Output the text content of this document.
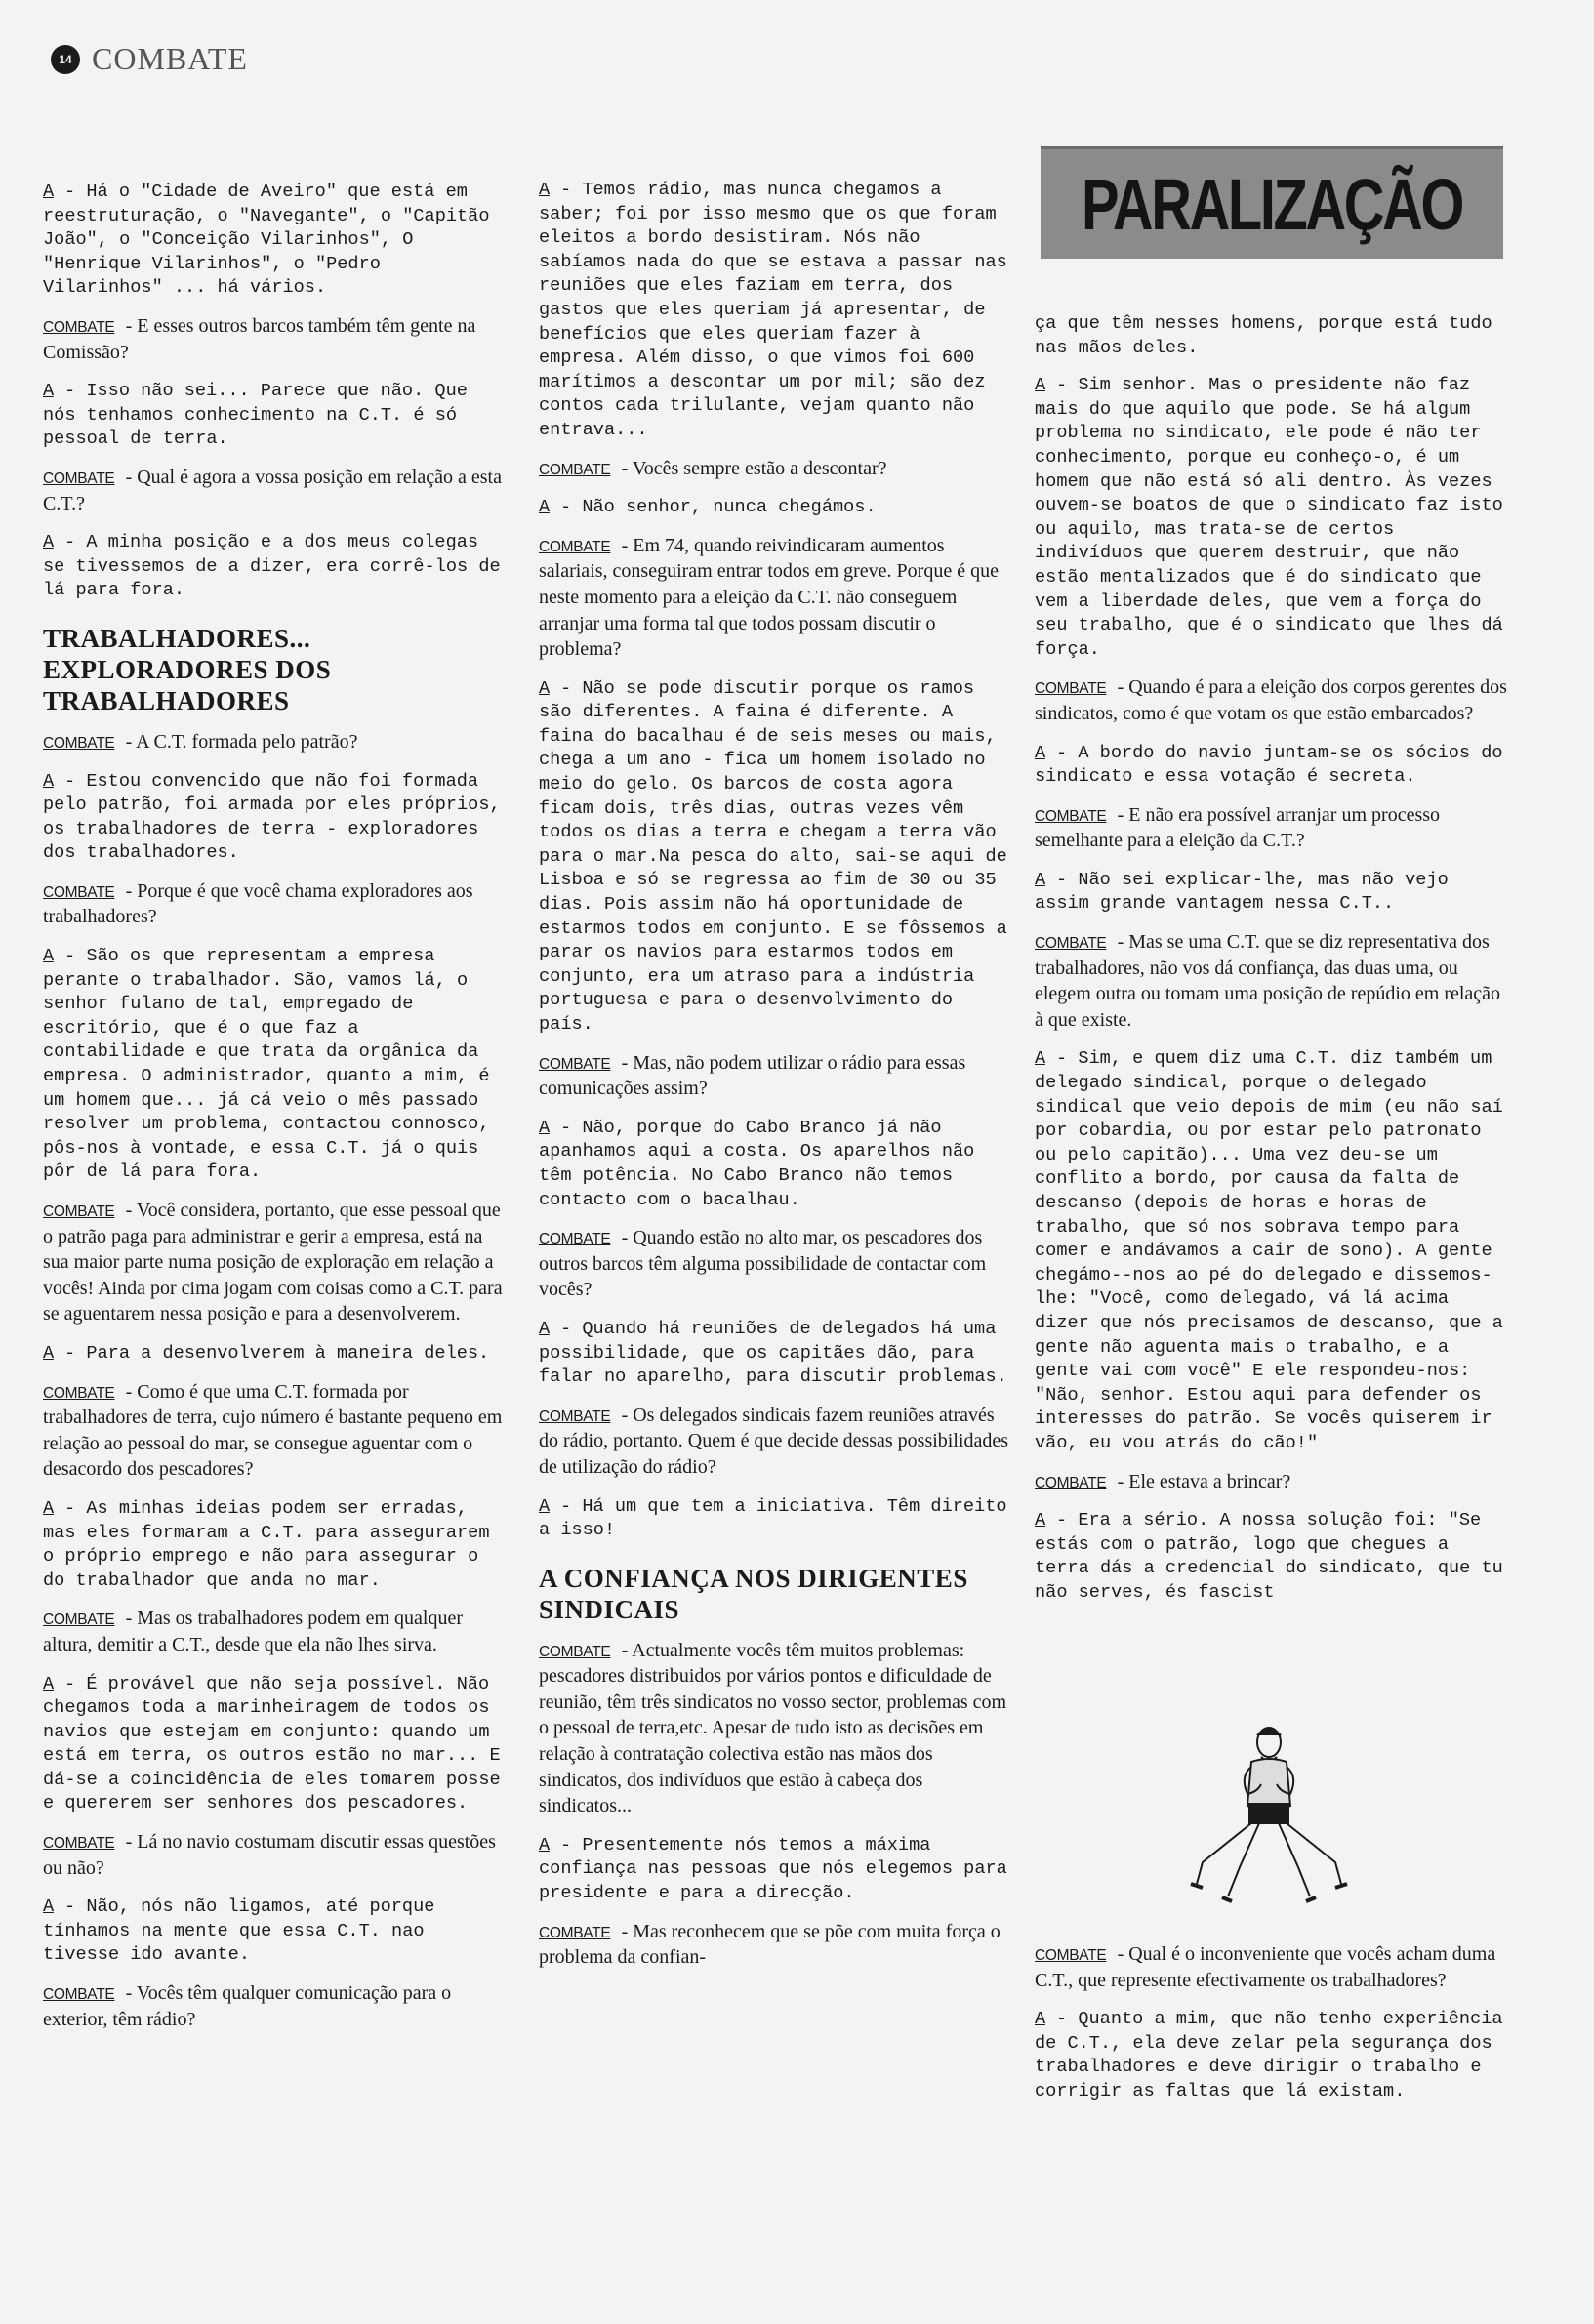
14 COMBATE
PARALIZAÇÃO

A - Há o "Cidade de Aveiro" que está em reestruturação, o "Navegante", o "Capitão João", o "Conceição Vilarinhos", O "Henrique Vilarinhos", o "Pedro Vilarinhos" ... há vários.

COMBATE - E esses outros barcos também têm gente na Comissão?

A - Isso não sei... Parece que não. Que nós tenhamos conhecimento na C.T. é só pessoal de terra.

COMBATE - Qual é agora a vossa posição em relação a esta C.T.?

A - A minha posição e a dos meus colegas se tivessemos de a dizer, era corrê-los de lá para fora.

TRABALHADORES... EXPLORADORES DOS TRABALHADORES

COMBATE - A C.T. formada pelo patrão?

A - Estou convencido que não foi formada pelo patrão, foi armada por eles próprios, os trabalhadores de terra - exploradores dos trabalhadores.

COMBATE - Porque é que você chama exploradores aos trabalhadores?

A - São os que representam a empresa perante o trabalhador. São, vamos lá, o senhor fulano de tal, empregado de escritório, que é o que faz a contabilidade e que trata da orgânica da empresa. O administrador, quanto a mim, é um homem que... já cá veio o mês passado resolver um problema, contactou connosco, pôs-nos à vontade, e essa C.T. já o quis pôr de lá para fora.

COMBATE - Você considera, portanto, que esse pessoal que o patrão paga para administrar e gerir a empresa, está na sua maior parte numa posição de exploração em relação a vocês! Ainda por cima jogam com coisas como a C.T. para se aguentarem nessa posição e para a desenvolverem.

A - Para a desenvolverem à maneira deles.

COMBATE - Como é que uma C.T. formada por trabalhadores de terra, cujo número é bastante pequeno em relação ao pessoal do mar, se consegue aguentar com o desacordo dos pescadores?

A - As minhas ideias podem ser erradas, mas eles formaram a C.T. para assegurarem o próprio emprego e não para assegurar o do trabalhador que anda no mar.

COMBATE - Mas os trabalhadores podem em qualquer altura, demitir a C.T., desde que ela não lhes sirva.

A - É provável que não seja possível. Não chegamos toda a marinheiragem de todos os navios que estejam em conjunto: quando um está em terra, os outros estão no mar... E dá-se a coincidência de eles tomarem posse e quererem ser senhores dos pescadores.

COMBATE - Lá no navio costumam discutir essas questões ou não?

A - Não, nós não ligamos, até porque tínhamos na mente que essa C.T. nao tivesse ido avante.

COMBATE - Vocês têm qualquer comunicação para o exterior, têm rádio?

A - Temos rádio, mas nunca chegamos a saber; foi por isso mesmo que os que foram eleitos a bordo desistiram. Nós não sabíamos nada do que se estava a passar nas reuniões que eles faziam em terra, dos gastos que eles queriam já apresentar, de benefícios que eles queriam fazer à empresa. Além disso, o que vimos foi 600 marítimos a descontar um por mil; são dez contos cada trilulante, vejam quanto não entrava...

COMBATE - Vocês sempre estão a descontar?

A - Não senhor, nunca chegámos.

COMBATE - Em 74, quando reivindicaram aumentos salariais, conseguiram entrar todos em greve. Porque é que neste momento para a eleição da C.T. não conseguem arranjar uma forma tal que todos possam discutir o problema?

A - Não se pode discutir porque os ramos são diferentes. A faina é diferente. A faina do bacalhau é de seis meses ou mais, chega a um ano - fica um homem isolado no meio do gelo. Os barcos de costa agora ficam dois, três dias, outras vezes vêm todos os dias a terra e chegam a terra vão para o mar.Na pesca do alto, sai-se aqui de Lisboa e só se regressa ao fim de 30 ou 35 dias. Pois assim não há oportunidade de estarmos todos em conjunto. E se fôssemos a parar os navios para estarmos todos em conjunto, era um atraso para a indústria portuguesa e para o desenvolvimento do país.

COMBATE - Mas, não podem utilizar o rádio para essas comunicações assim?

A - Não, porque do Cabo Branco já não apanhamos aqui a costa. Os aparelhos não têm potência. No Cabo Branco não temos contacto com o bacalhau.

COMBATE - Quando estão no alto mar, os pescadores dos outros barcos têm alguma possibilidade de contactar com vocês?

A - Quando há reuniões de delegados há uma possibilidade, que os capitães dão, para falar no aparelho, para discutir problemas.

COMBATE - Os delegados sindicais fazem reuniões através do rádio, portanto. Quem é que decide dessas possibilidades de utilização do rádio?

A - Há um que tem a iniciativa. Têm direito a isso!

A CONFIANÇA NOS DIRIGENTES SINDICAIS

COMBATE - Actualmente vocês têm muitos problemas: pescadores distribuidos por vários pontos e dificuldade de reunião, têm três sindicatos no vosso sector, problemas com o pessoal de terra,etc. Apesar de tudo isto as decisões em relação à contratação colectiva estão nas mãos dos sindicatos, dos indivíduos que estão à cabeça dos sindicatos...

A - Presentemente nós temos a máxima confiança nas pessoas que nós elegemos para presidente e para a direcção.

COMBATE - Mas reconhecem que se põe com muita força o problema da confian-

ça que têm nesses homens, porque está tudo nas mãos deles.

A - Sim senhor. Mas o presidente não faz mais do que aquilo que pode. Se há algum problema no sindicato, ele pode é não ter conhecimento, porque eu conheço-o, é um homem que não está só ali dentro. Às vezes ouvem-se boatos de que o sindicato faz isto ou aquilo, mas trata-se de certos indivíduos que querem destruir, que não estão mentalizados que é do sindicato que vem a liberdade deles, que vem a força do seu trabalho, que é o sindicato que lhes dá força.

COMBATE - Quando é para a eleição dos corpos gerentes dos sindicatos, como é que votam os que estão embarcados?

A - A bordo do navio juntam-se os sócios do sindicato e essa votação é secreta.

COMBATE - E não era possível arranjar um processo semelhante para a eleição da C.T.?

A - Não sei explicar-lhe, mas não vejo assim grande vantagem nessa C.T..

COMBATE - Mas se uma C.T. que se diz representativa dos trabalhadores, não vos dá confiança, das duas uma, ou elegem outra ou tomam uma posição de repúdio em relação à que existe.

A - Sim, e quem diz uma C.T. diz também um delegado sindical, porque o delegado sindical que veio depois de mim (eu não saí por cobardia, ou por estar pelo patronato ou pelo capitão)... Uma vez deu-se um conflito a bordo, por causa da falta de descanso (depois de horas e horas de trabalho, que só nos sobrava tempo para comer e andávamos a cair de sono). A gente chegámo--nos ao pé do delegado e dissemos-lhe: "Você, como delegado, vá lá acima dizer que nós precisamos de descanso, que a gente não aguenta mais o trabalho, e a gente vai com você" E ele respondeu-nos: "Não, senhor. Estou aqui para defender os interesses do patrão. Se vocês quiserem ir vão, eu vou atrás do cão!"

COMBATE - Ele estava a brincar?

A - Era a sério. A nossa solução foi: "Se estás com o patrão, logo que chegues a terra dás a credencial do sindicato, que tu não serves, és fascist

COMBATE - Qual é o inconveniente que vocês acham duma C.T., que represente efectivamente os trabalhadores?

A - Quanto a mim, que não tenho experiência de C.T., ela deve zelar pela segurança dos trabalhadores e deve dirigir o trabalho e corrigir as faltas que lá existam.
